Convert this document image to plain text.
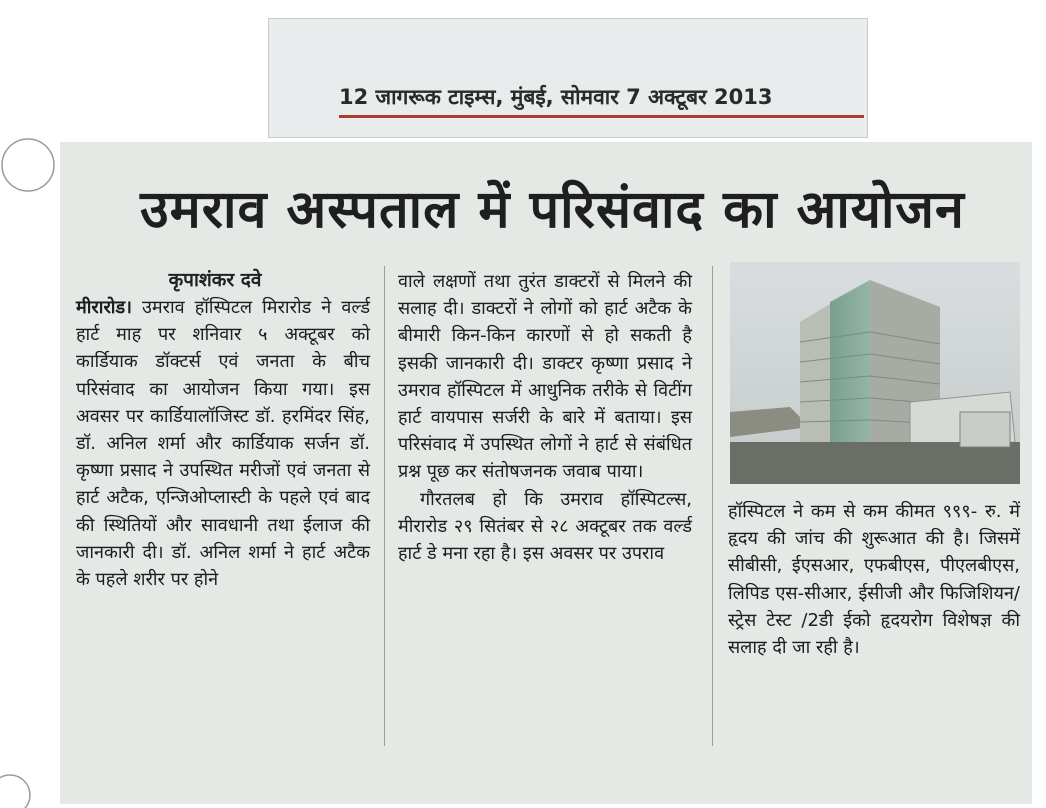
12 जागरूक टाइम्स, मुंबई, सोमवार 7 अक्टूबर 2013
उमराव अस्पताल में परिसंवाद का आयोजन
कृपाशंकर दवे

मीरारोड। उमराव हॉस्पिटल मिरारोड ने वर्ल्ड हार्ट माह पर शनिवार ५ अक्टूबर को कार्डियाक डॉक्टर्स एवं जनता के बीच परिसंवाद का आयोजन किया गया। इस अवसर पर कार्डियालॉजिस्ट डॉ. हरमिंदर सिंह, डॉ. अनिल शर्मा और कार्डियाक सर्जन डॉ. कृष्णा प्रसाद ने उपस्थित मरीजों एवं जनता से हार्ट अटैक, एन्जिओप्लास्टी के पहले एवं बाद की स्थितियों और सावधानी तथा ईलाज की जानकारी दी। डॉ. अनिल शर्मा ने हार्ट अटैक के पहले शरीर पर होने

वाले लक्षणों तथा तुरंत डाक्टरों से मिलने की सलाह दी। डाक्टरों ने लोगों को हार्ट अटैक के बीमारी किन-किन कारणों से हो सकती है इसकी जानकारी दी। डाक्टर कृष्णा प्रसाद ने उमराव हॉस्पिटल में आधुनिक तरीके से विटींग हार्ट वायपास सर्जरी के बारे में बताया। इस परिसंवाद में उपस्थित लोगों ने हार्ट से संबंधित प्रश्न पूछ कर संतोषजनक जवाब पाया।

गौरतलब हो कि उमराव हॉस्पिटल्स, मीरारोड २९ सितंबर से २८ अक्टूबर तक वर्ल्ड हार्ट डे मना रहा है। इस अवसर पर उपराव

हॉस्पिटल ने कम से कम कीमत ९९९- रु. में हृदय की जांच की शुरूआत की है। जिसमें सीबीसी, ईएसआर, एफबीएस, पीएलबीएस, लिपिड एस-सीआर, ईसीजी और फिजिशियन/स्ट्रेस टेस्ट /2डी ईको हृदयरोग विशेषज्ञ की सलाह दी जा रही है।
